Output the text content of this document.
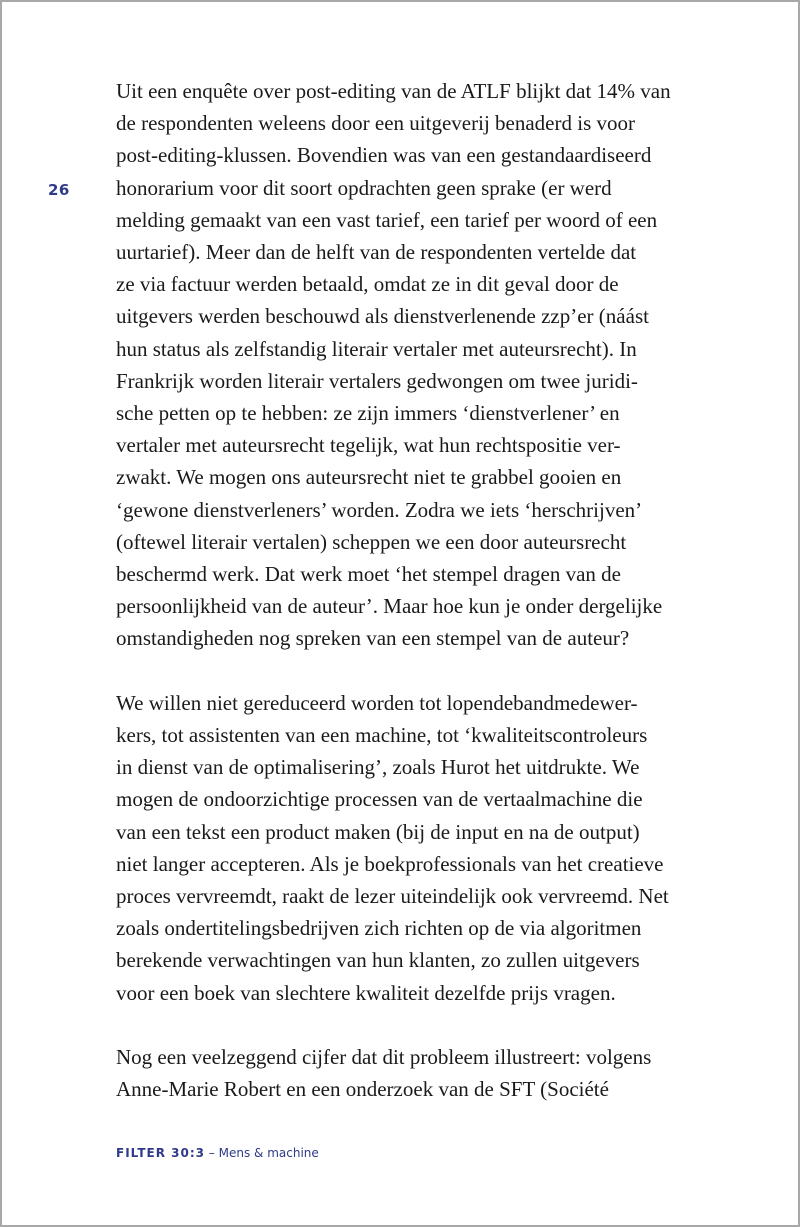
26

Uit een enquête over post-editing van de ATLF blijkt dat 14% van
de respondenten weleens door een uitgeverij benaderd is voor
post-editing-klussen. Bovendien was van een gestandaardiseerd
honorarium voor dit soort opdrachten geen sprake (er werd
melding gemaakt van een vast tarief, een tarief per woord of een
uurtarief). Meer dan de helft van de respondenten vertelde dat
ze via factuur werden betaald, omdat ze in dit geval door de
uitgevers werden beschouwd als dienstverlenende zzp’er (náást
hun status als zelfstandig literair vertaler met auteursrecht). In
Frankrijk worden literair vertalers gedwongen om twee juridi-
sche petten op te hebben: ze zijn immers ‘dienstverlener’ en
vertaler met auteursrecht tegelijk, wat hun rechtspositie ver-
zwakt. We mogen ons auteursrecht niet te grabbel gooien en
‘gewone dienstverleners’ worden. Zodra we iets ‘herschrijven’
(oftewel literair vertalen) scheppen we een door auteursrecht
beschermd werk. Dat werk moet ‘het stempel dragen van de
persoonlijkheid van de auteur’. Maar hoe kun je onder dergelijke
omstandigheden nog spreken van een stempel van de auteur?

We willen niet gereduceerd worden tot lopendebandmedewer-
kers, tot assistenten van een machine, tot ‘kwaliteitscontroleurs
in dienst van de optimalisering’, zoals Hurot het uitdrukte. We
mogen de ondoorzichtige processen van de vertaalmachine die
van een tekst een product maken (bij de input en na de output)
niet langer accepteren. Als je boekprofessionals van het creatieve
proces vervreemdt, raakt de lezer uiteindelijk ook vervreemd. Net
zoals ondertitelingsbedrijven zich richten op de via algoritmen
berekende verwachtingen van hun klanten, zo zullen uitgevers
voor een boek van slechtere kwaliteit dezelfde prijs vragen.

Nog een veelzeggend cijfer dat dit probleem illustreert: volgens
Anne-Marie Robert en een onderzoek van de SFT (Société

FILTER 30:3 – Mens & machine
